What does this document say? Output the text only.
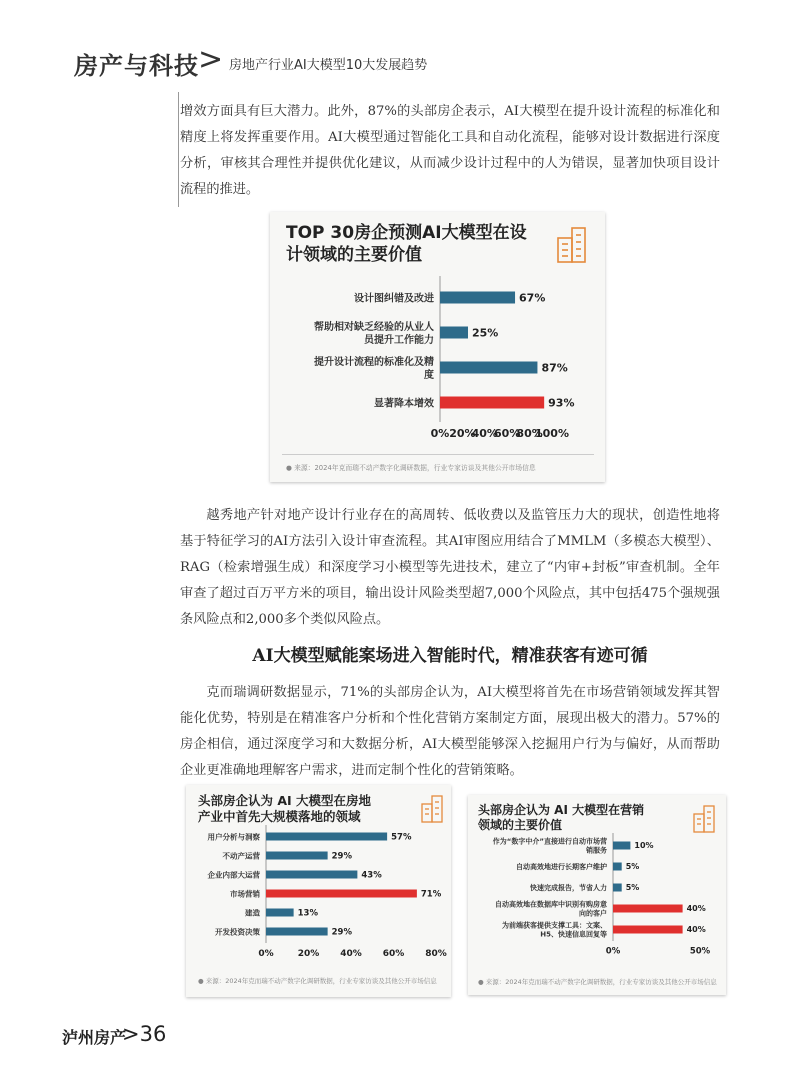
房产与科技 > 房地产行业AI大模型10大发展趋势

增效方面具有巨大潜力。此外，87%的头部房企表示，AI大模型在提升设计流程的标准化和精度上将发挥重要作用。AI大模型通过智能化工具和自动化流程，能够对设计数据进行深度分析，审核其合理性并提供优化建议，从而减少设计过程中的人为错误，显著加快项目设计流程的推进。

TOP 30房企预测AI大模型在设
计领域的主要价值
67%
设计图纠错及改进
25%
帮助相对缺乏经验的从业人
员提升工作能力
87%
提升设计流程的标准化及精
度
93%
显著降本增效
0% 20%
40%
60%
80%
100%
● 来源：2024年克而瑞不动产数字化调研数据，行业专家访谈及其他公开市场信息

越秀地产针对地产设计行业存在的高周转、低收费以及监管压力大的现状，创造性地将基于特征学习的AI方法引入设计审查流程。其AI审图应用结合了MMLM（多模态大模型）、RAG（检索增强生成）和深度学习小模型等先进技术，建立了“内审+封板”审查机制。全年审查了超过百万平方米的项目，输出设计风险类型超7,000个风险点，其中包括475个强规强条风险点和2,000多个类似风险点。

AI大模型赋能案场进入智能时代，精准获客有迹可循

克而瑞调研数据显示，71%的头部房企认为，AI大模型将首先在市场营销领域发挥其智能化优势，特别是在精准客户分析和个性化营销方案制定方面，展现出极大的潜力。57%的房企相信，通过深度学习和大数据分析，AI大模型能够深入挖掘用户行为与偏好，从而帮助企业更准确地理解客户需求，进而定制个性化的营销策略。

头部房企认为 AI 大模型在房地
产业中首先大规模落地的领域
57%
用户分析与洞察
29%
不动产运营
43%
企业内部大运营
71%
市场营销
13%
建造
29%
开发投资决策
0%	20% 40% 60% 80%
● 来源：2024年克而瑞不动产数字化调研数据，行业专家访谈及其他公开市场信息
头部房企认为 AI 大模型在营销
领域的主要价值
10%
作为“数字中介”直接进行自动市场营
销服务
5%
自动高效地进行长期客户维护
5%
快速完成报告，节省人力
40%
自动高效地在数据库中识别有购房意
向的客户
40%
为前端获客提供支撑工具：文案、
H5、快速信息回复等
0%	50%
● 来源：2024年克而瑞不动产数字化调研数据，行业专家访谈及其他公开市场信息
泸州房产
>36
